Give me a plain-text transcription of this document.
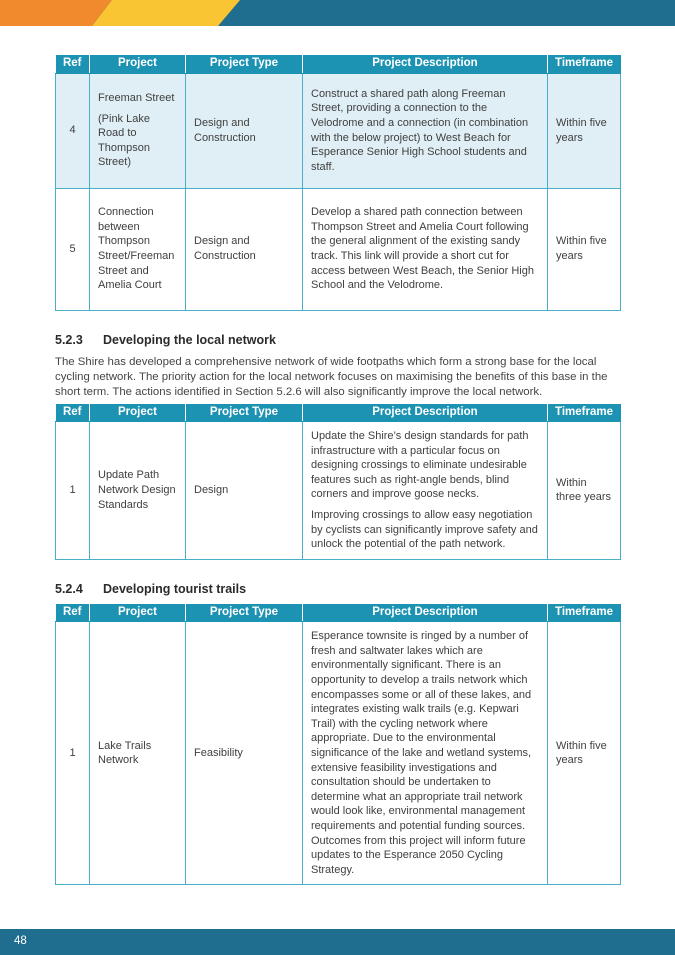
Ref	Project	Project Type	Project Description	Timeframe
4	Freeman Street

(Pink Lake Road to Thompson Street)	Design and Construction	Construct a shared path along Freeman Street, providing a connection to the Velodrome and a connection (in combination with the below project) to West Beach for Esperance Senior High School students and staff.	Within five years
5	Connection between Thompson Street/Freeman Street and Amelia Court	Design and Construction	Develop a shared path connection between Thompson Street and Amelia Court following the general alignment of the existing sandy track. This link will provide a short cut for access between West Beach, the Senior High School and the Velodrome.	Within five years
5.2.3	Developing the local network

The Shire has developed a comprehensive network of wide footpaths which form a strong base for the local cycling network. The priority action for the local network focuses on maximising the benefits of this base in the short term. The actions identified in Section 5.2.6 will also significantly improve the local network.

Ref	Project	Project Type	Project Description	Timeframe
1	Update Path Network Design Standards	Design	Update the Shire’s design standards for path infrastructure with a particular focus on designing crossings to eliminate undesirable features such as right-angle bends, blind corners and improve goose necks.

Improving crossings to allow easy negotiation by cyclists can significantly improve safety and unlock the potential of the path network.	Within three years
5.2.4	Developing tourist trails
Ref	Project	Project Type	Project Description	Timeframe
1	Lake Trails Network	Feasibility	Esperance townsite is ringed by a number of fresh and saltwater lakes which are environmentally significant. There is an opportunity to develop a trails network which encompasses some or all of these lakes, and integrates existing walk trails (e.g. Kepwari Trail) with the cycling network where appropriate. Due to the environmental significance of the lake and wetland systems, extensive feasibility investigations and consultation should be undertaken to determine what an appropriate trail network would look like, environmental management requirements and potential funding sources. Outcomes from this project will inform future updates to the Esperance 2050 Cycling Strategy.	Within five years
48
